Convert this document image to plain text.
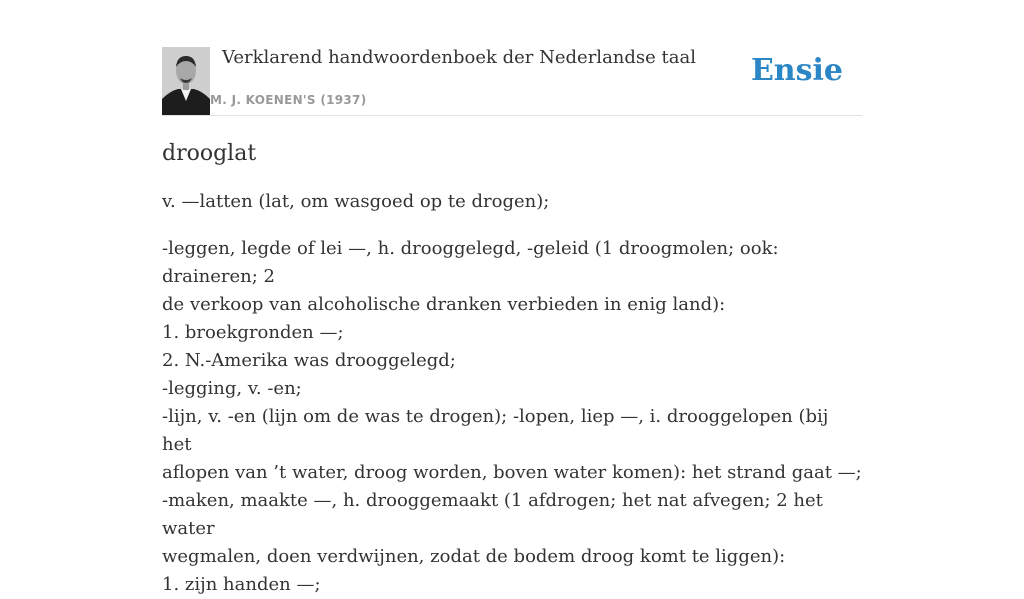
Verklarend handwoordenboek der Nederlandse taal
M. J. KOENEN'S (1937)
Ensie
drooglat

v. —latten (lat, om wasgoed op te drogen);

-leggen, legde of lei —, h. drooggelegd, -geleid (1 droogmolen; ook: draineren; 2
de verkoop van alcoholische dranken verbieden in enig land):
1. broekgronden —;
2. N.-Amerika was drooggelegd;
-legging, v. -en;
-lijn, v. -en (lijn om de was te drogen); -lopen, liep —, i. drooggelopen (bij het
aflopen van ’t water, droog worden, boven water komen): het strand gaat —;
-maken, maakte —, h. drooggemaakt (1 afdrogen; het nat afvegen; 2 het water
wegmalen, doen verdwijnen, zodat de bodem droog komt te liggen):
1. zijn handen —;
